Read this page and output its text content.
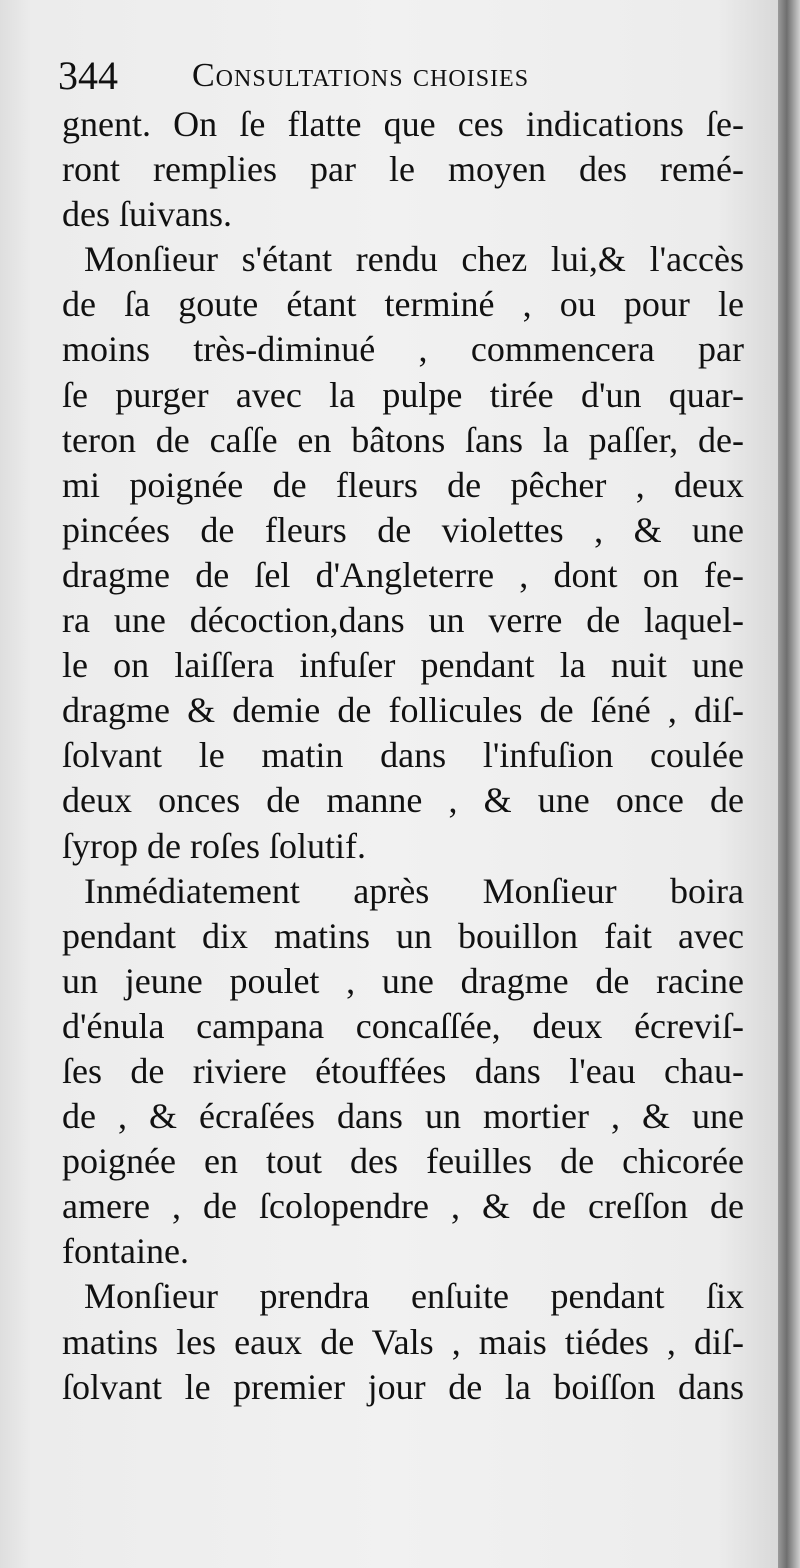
344 Consultations choisies
gnent. On ſe flatte que ces indications ſe-
ront remplies par le moyen des remé-
des ſuivans.
Monſieur s'étant rendu chez lui,& l'accès
de ſa goute étant terminé , ou pour le
moins très-diminué , commencera par
ſe purger avec la pulpe tirée d'un quar-
teron de caſſe en bâtons ſans la paſſer, de-
mi poignée de fleurs de pêcher , deux
pincées de fleurs de violettes , & une
dragme de ſel d'Angleterre , dont on fe-
ra une décoction,dans un verre de laquel-
le on laiſſera infuſer pendant la nuit une
dragme & demie de follicules de ſéné , diſ-
ſolvant le matin dans l'infuſion coulée
deux onces de manne , & une once de
ſyrop de roſes ſolutif.
Inmédiatement après Monſieur boira
pendant dix matins un bouillon fait avec
un jeune poulet , une dragme de racine
d'énula campana concaſſée, deux écreviſ-
ſes de riviere étouffées dans l'eau chau-
de , & écraſées dans un mortier , & une
poignée en tout des feuilles de chicorée
amere , de ſcolopendre , & de creſſon de
fontaine.
Monſieur prendra enſuite pendant ſix
matins les eaux de Vals , mais tiédes , diſ-
ſolvant le premier jour de la boiſſon dans
